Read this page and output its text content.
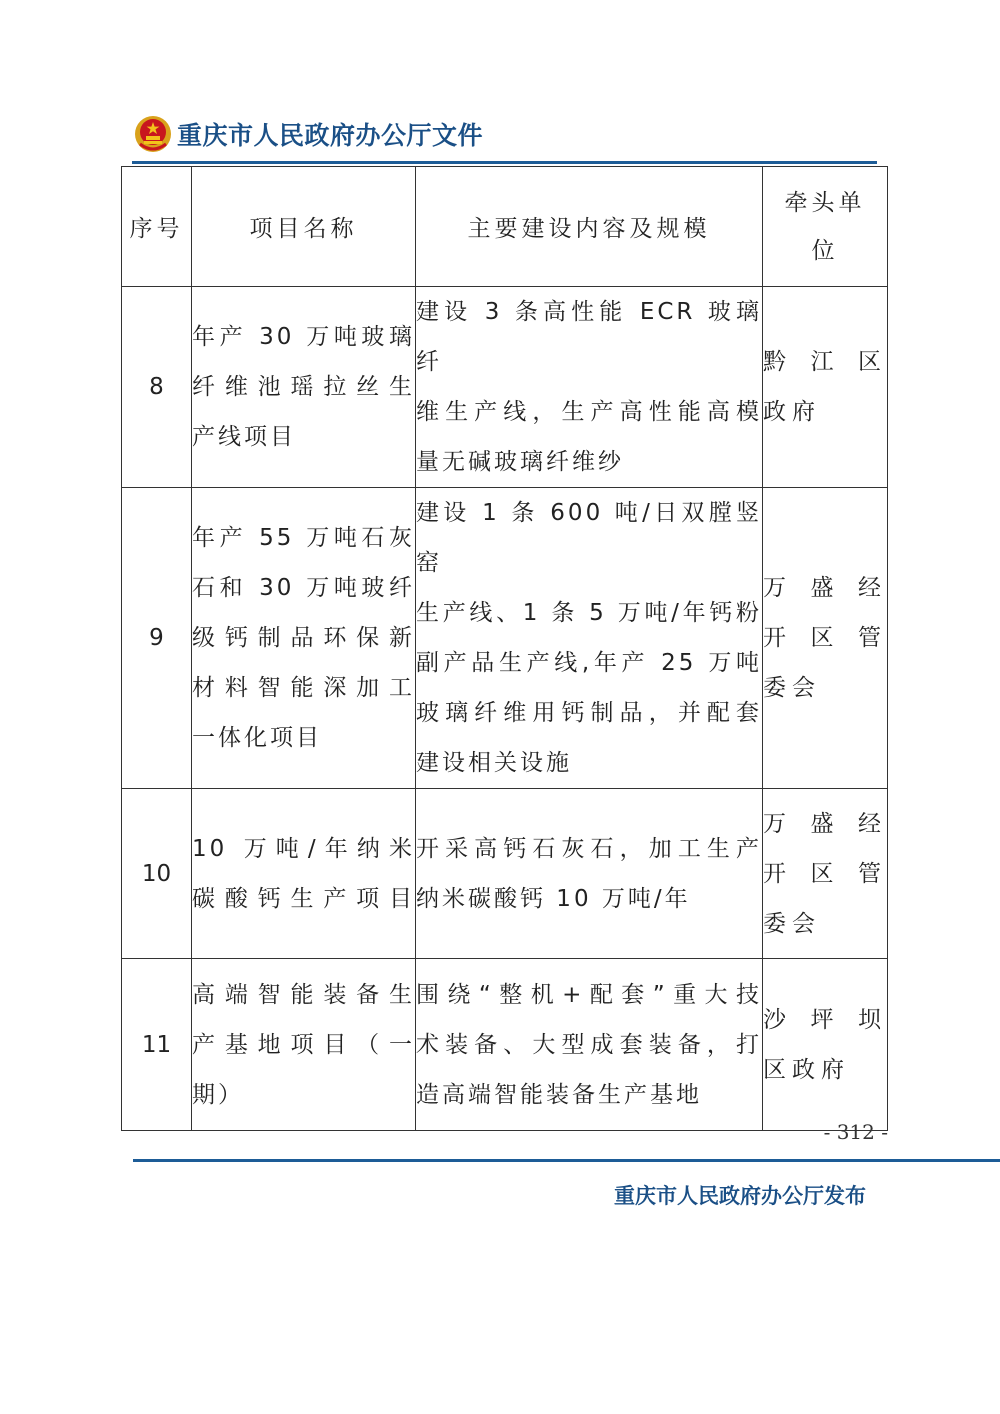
重庆市人民政府办公厅文件
序号	项目名称	主要建设内容及规模	牵头单
位

8	年产 30 万吨玻璃
纤维池瑶拉丝生
产线项目	建设 3 条高性能 ECR 玻璃纤
维生产线，生产高性能高模
量无碱玻璃纤维纱	黔江区
政府

9	年产 55 万吨石灰
石和 30 万吨玻纤
级钙制品环保新
材料智能深加工
一体化项目	建设 1 条 600 吨/日双膛竖窑
生产线、1 条 5 万吨/年钙粉
副产品生产线,年产 25 万吨
玻璃纤维用钙制品，并配套
建设相关设施	万盛经
开区管
委会

10	10 万吨/年纳米
碳酸钙生产项目	开采高钙石灰石，加工生产
纳米碳酸钙 10 万吨/年	万盛经
开区管
委会

11	高端智能装备生
产基地项目（一
期）	围绕“整机+配套”重大技
术装备、大型成套装备，打
造高端智能装备生产基地	沙坪坝
区政府
- 312 -
重庆市人民政府办公厅发布
